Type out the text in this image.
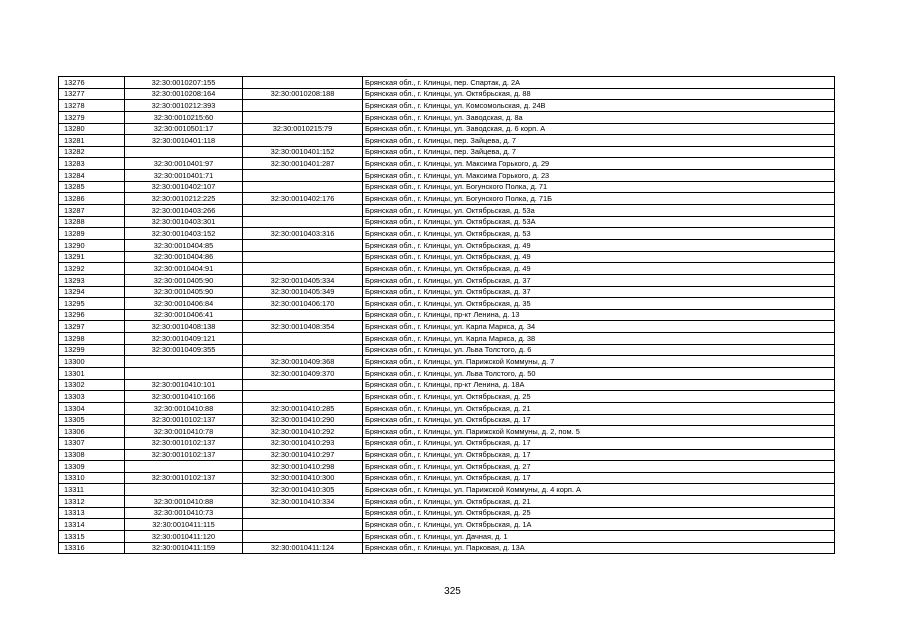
13276	32:30:0010207:155		Брянская обл., г. Клинцы, пер. Спартак, д. 2А
13277	32:30:0010208:164	32:30:0010208:188	Брянская обл., г. Клинцы, ул. Октябрьская, д. 88
13278	32:30:0010212:393		Брянская обл., г. Клинцы, ул. Комсомольская, д. 24В
13279	32:30:0010215:60		Брянская обл., г. Клинцы, ул. Заводская, д. 8а
13280	32:30:0010501:17	32:30:0010215:79	Брянская обл., г. Клинцы, ул. Заводская, д. 6 корп. А
13281	32:30:0010401:118		Брянская обл., г. Клинцы, пер. Зайцева, д. 7
13282		32:30:0010401:152	Брянская обл., г. Клинцы, пер. Зайцева, д. 7
13283	32:30:0010401:97	32:30:0010401:287	Брянская обл., г. Клинцы, ул. Максима Горького, д. 29
13284	32:30:0010401:71		Брянская обл., г. Клинцы, ул. Максима Горького, д. 23
13285	32:30:0010402:107		Брянская обл., г. Клинцы, ул. Богунского Полка, д. 71
13286	32:30:0010212:225	32:30:0010402:176	Брянская обл., г. Клинцы, ул. Богунского Полка, д. 71Б
13287	32:30:0010403:266		Брянская обл., г. Клинцы, ул. Октябрьская, д. 53а
13288	32:30:0010403:301		Брянская обл., г. Клинцы, ул. Октябрьская, д. 53А
13289	32:30:0010403:152	32:30:0010403:316	Брянская обл., г. Клинцы, ул. Октябрьская, д. 53
13290	32:30:0010404:85		Брянская обл., г. Клинцы, ул. Октябрьская, д. 49
13291	32:30:0010404:86		Брянская обл., г. Клинцы, ул. Октябрьская, д. 49
13292	32:30:0010404:91		Брянская обл., г. Клинцы, ул. Октябрьская, д. 49
13293	32:30:0010405:90	32:30:0010405:334	Брянская обл., г. Клинцы, ул. Октябрьская, д. 37
13294	32:30:0010405:90	32:30:0010405:349	Брянская обл., г. Клинцы, ул. Октябрьская, д. 37
13295	32:30:0010406:84	32:30:0010406:170	Брянская обл., г. Клинцы, ул. Октябрьская, д. 35
13296	32:30:0010406:41		Брянская обл., г. Клинцы, пр-кт Ленина, д. 13
13297	32:30:0010408:138	32:30:0010408:354	Брянская обл., г. Клинцы, ул. Карла Маркса, д. 34
13298	32:30:0010409:121		Брянская обл., г. Клинцы, ул. Карла Маркса, д. 38
13299	32:30:0010409:355		Брянская обл., г. Клинцы, ул. Льва Толстого, д. 6
13300		32:30:0010409:368	Брянская обл., г. Клинцы, ул. Парижской Коммуны, д. 7
13301		32:30:0010409:370	Брянская обл., г. Клинцы, ул. Льва Толстого, д. 50
13302	32:30:0010410:101		Брянская обл., г. Клинцы, пр-кт Ленина, д. 18А
13303	32:30:0010410:166		Брянская обл., г. Клинцы, ул. Октябрьская, д. 25
13304	32:30:0010410:88	32:30:0010410:285	Брянская обл., г. Клинцы, ул. Октябрьская, д. 21
13305	32:30:0010102:137	32:30:0010410:290	Брянская обл., г. Клинцы, ул. Октябрьская, д. 17
13306	32:30:0010410:78	32:30:0010410:292	Брянская обл., г. Клинцы, ул. Парижской Коммуны, д. 2, пом. 5
13307	32:30:0010102:137	32:30:0010410:293	Брянская обл., г. Клинцы, ул. Октябрьская, д. 17
13308	32:30:0010102:137	32:30:0010410:297	Брянская обл., г. Клинцы, ул. Октябрьская, д. 17
13309		32:30:0010410:298	Брянская обл., г. Клинцы, ул. Октябрьская, д. 27
13310	32:30:0010102:137	32:30:0010410:300	Брянская обл., г. Клинцы, ул. Октябрьская, д. 17
13311		32:30:0010410:305	Брянская обл., г. Клинцы, ул. Парижской Коммуны, д. 4 корп. А
13312	32:30:0010410:88	32:30:0010410:334	Брянская обл., г. Клинцы, ул. Октябрьская, д. 21
13313	32:30:0010410:73		Брянская обл., г. Клинцы, ул. Октябрьская, д. 25
13314	32:30:0010411:115		Брянская обл., г. Клинцы, ул. Октябрьская, д. 1А
13315	32:30:0010411:120		Брянская обл., г. Клинцы, ул. Дачная, д. 1
13316	32:30:0010411:159	32:30:0010411:124	Брянская обл., г. Клинцы, ул. Парковая, д. 13А
325
